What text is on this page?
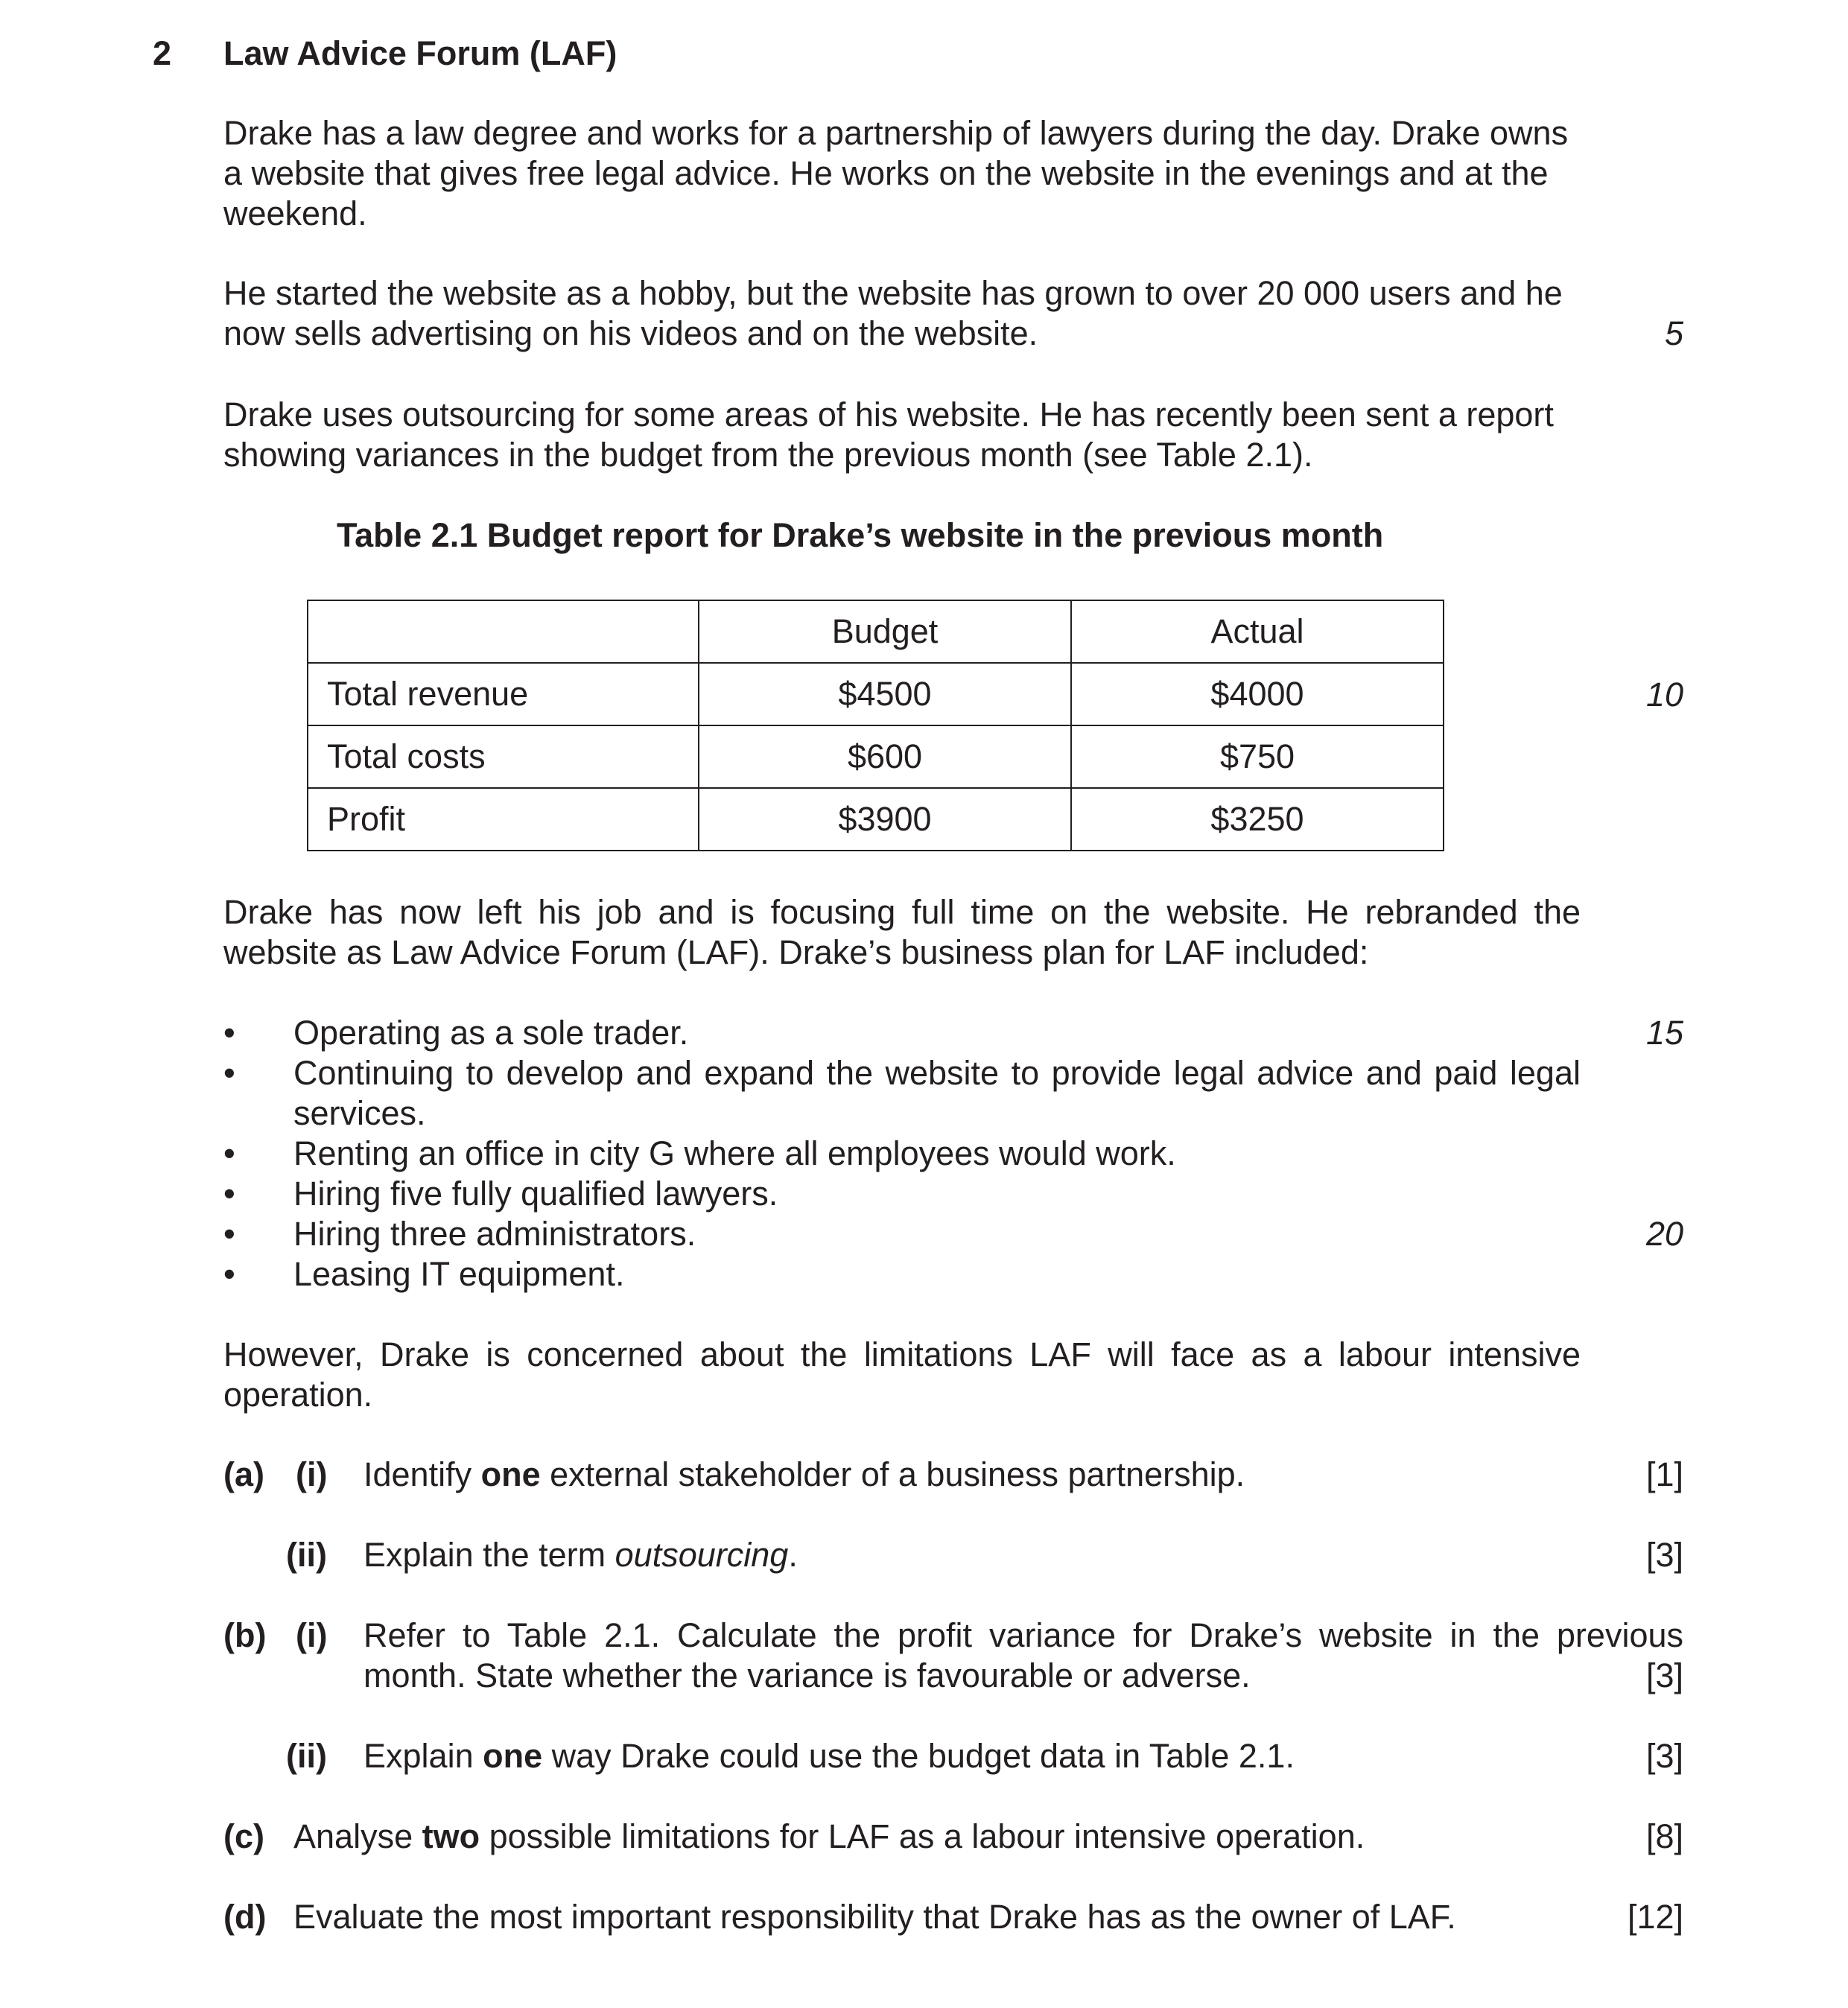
2 Law Advice Forum (LAF)
Drake has a law degree and works for a partnership of lawyers during the day. Drake owns a website that gives free legal advice. He works on the website in the evenings and at the weekend.
He started the website as a hobby, but the website has grown to over 20 000 users and he
now sells advertising on his videos and on the website.	5
Drake uses outsourcing for some areas of his website. He has recently been sent a report showing variances in the budget from the previous month (see Table 2.1).
Table 2.1 Budget report for Drake’s website in the previous month
	Budget	Actual
Total revenue	$4500	$4000
Total costs	$600	$750
Profit	$3900	$3250
10
Drake has now left his job and is focusing full time on the website. He rebranded the
website as Law Advice Forum (LAF). Drake’s business plan for LAF included:
• Operating as a sole trader.	15
• Continuing to develop and expand the website to provide legal advice and paid legal
services.
• Renting an office in city G where all employees would work.
• Hiring five fully qualified lawyers.
• Hiring three administrators.	20
• Leasing IT equipment.
However, Drake is concerned about the limitations LAF will face as a labour intensive
operation.
(a) (i) Identify one external stakeholder of a business partnership.	[1]
(ii) Explain the term outsourcing.	[3]
(b) (i) Refer to Table 2.1. Calculate the profit variance for Drake’s website in the previous
month. State whether the variance is favourable or adverse.	[3]
(ii) Explain one way Drake could use the budget data in Table 2.1.	[3]
(c) Analyse two possible limitations for LAF as a labour intensive operation.	[8]
(d) Evaluate the most important responsibility that Drake has as the owner of LAF.	[12]
